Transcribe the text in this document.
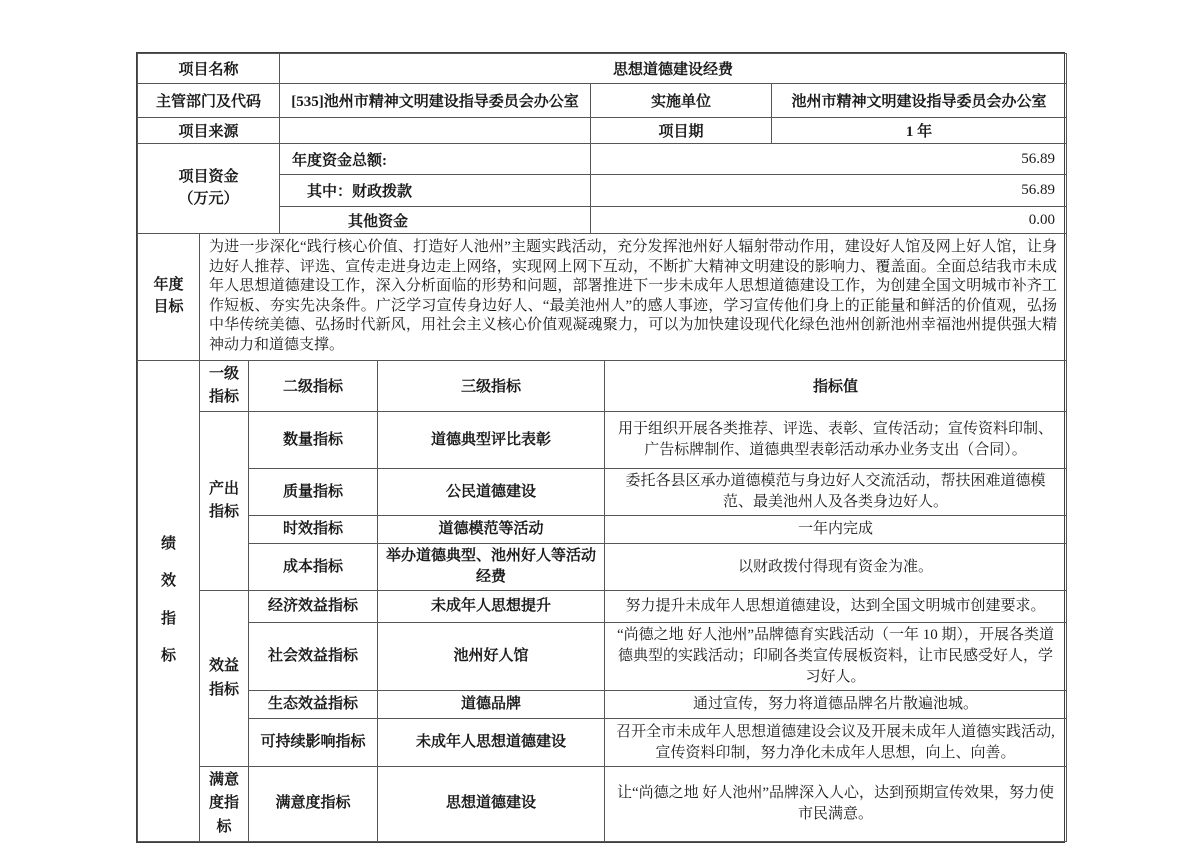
项目名称	思想道德建设经费		
主管部门及代码	[535]池州市精神文明建设指导委员会办公室	实施单位	池州市精神文明建设指导委员会办公室
项目来源		项目期	1 年

项目资金
（万元）	年度资金总额:	56.89	
	其中：财政拨款	56.89	
	其他资金	0.00	
年度
目标
	为进一步深化“践行核心价值、打造好人池州”主题实践活动，充分发挥池州好人辐射带动作用，建设好人馆及网上好人馆，让身边好人推荐、评选、宣传走进身边走上网络，实现网上网下互动，不断扩大精神文明建设的影响力、覆盖面。全面总结我市未成年人思想道德建设工作，深入分析面临的形势和问题，部署推进下一步未成年人思想道德建设工作，为创建全国文明城市补齐工作短板、夯实先决条件。广泛学习宣传身边好人、“最美池州人”的感人事迹，学习宣传他们身上的正能量和鲜活的价值观，弘扬中华传统美德、弘扬时代新风，用社会主义核心价值观凝魂聚力，可以为加快建设现代化绿色池州创新池州幸福池州提供强大精神动力和道德支撑。
绩效指标	一级指标	二级指标	三级指标	指标值
	产出指标	数量指标	道德典型评比表彰	用于组织开展各类推荐、评选、表彰、宣传活动；宣传资料印制、广告标牌制作、道德典型表彰活动承办业务支出（合同）。
		质量指标	公民道德建设	委托各县区承办道德模范与身边好人交流活动，帮扶困难道德模范、最美池州人及各类身边好人。
		时效指标	道德模范等活动	一年内完成
		成本指标	举办道德典型、池州好人等活动经费	以财政拨付得现有资金为准。
	效益指标	经济效益指标	未成年人思想提升	努力提升未成年人思想道德建设，达到全国文明城市创建要求。
		社会效益指标	池州好人馆	“尚德之地 好人池州”品牌德育实践活动（一年 10 期），开展各类道德典型的实践活动；印刷各类宣传展板资料，让市民感受好人，学习好人。
		生态效益指标	道德品牌	通过宣传，努力将道德品牌名片散遍池城。
		可持续影响指标	未成年人思想道德建设	召开全市未成年人思想道德建设会议及开展未成年人道德实践活动,宣传资料印制，努力净化未成年人思想，向上、向善。
	满意度指标	满意度指标	思想道德建设	让“尚德之地 好人池州”品牌深入人心，达到预期宣传效果，努力使市民满意。
